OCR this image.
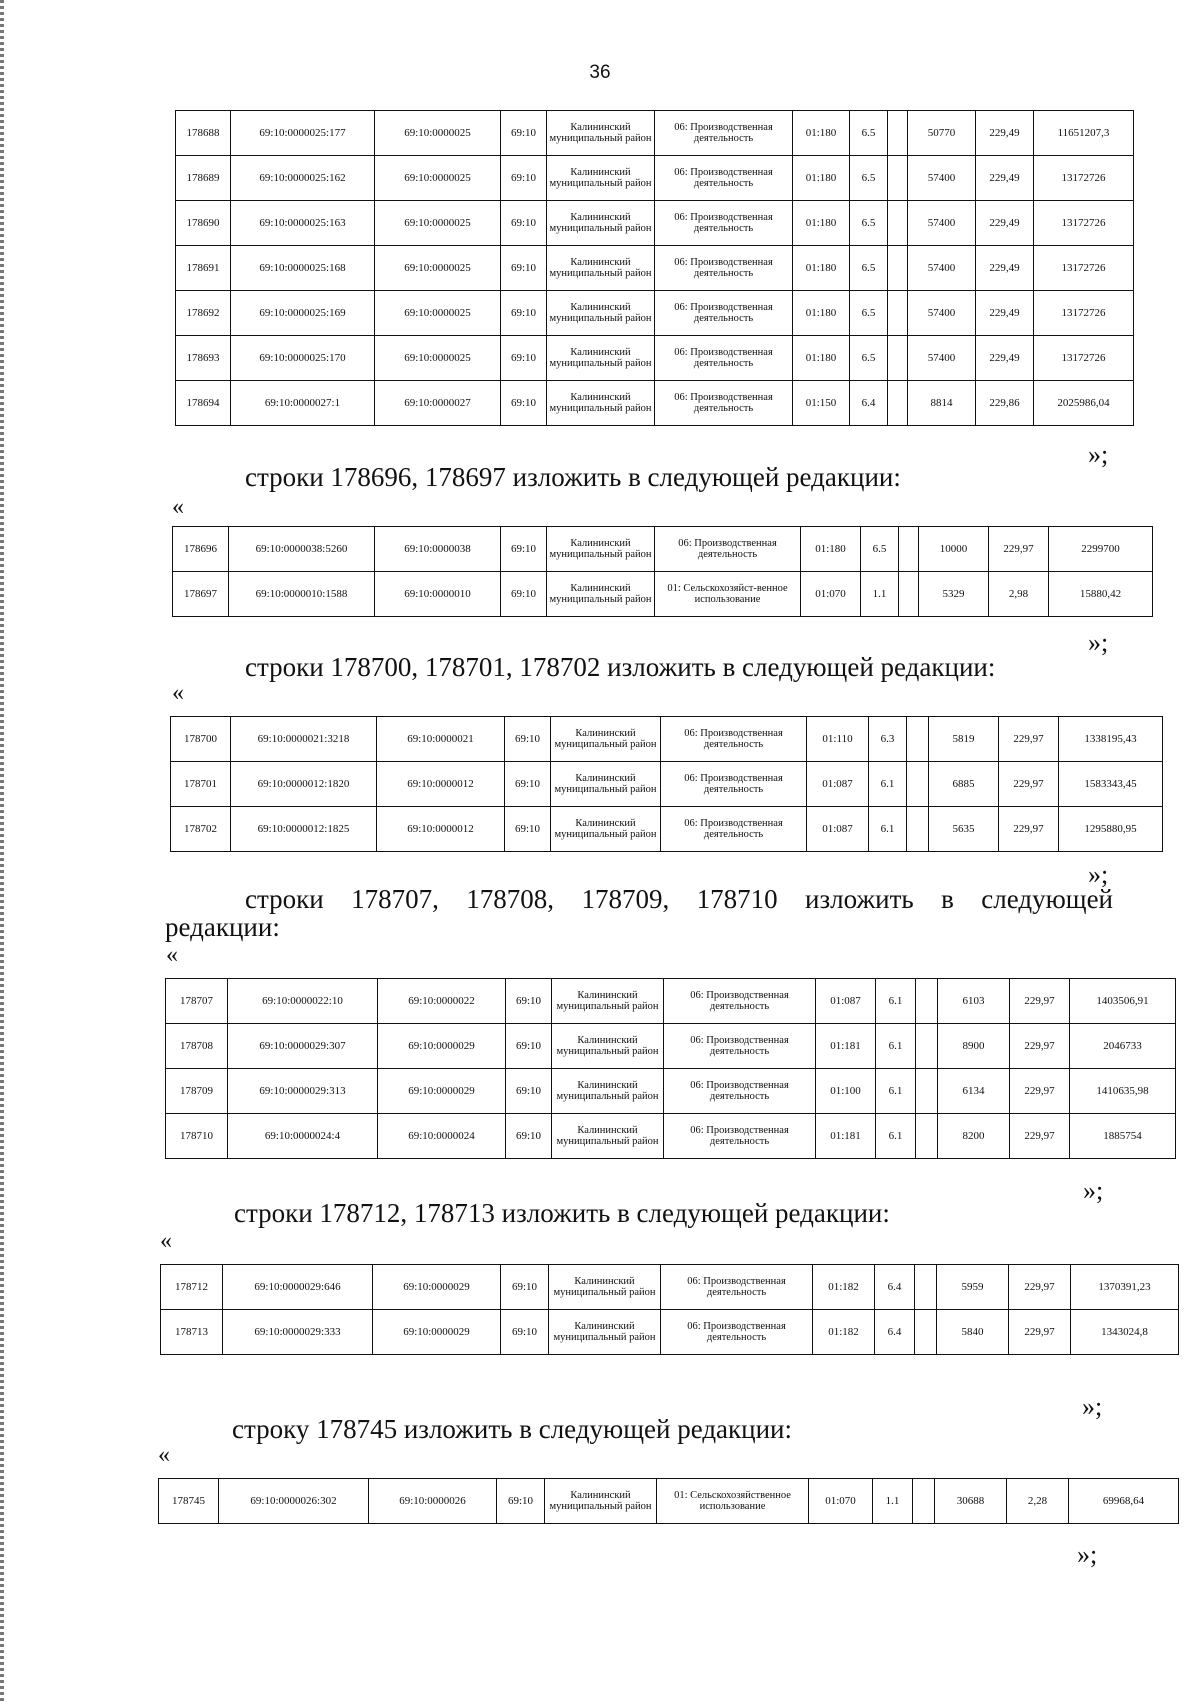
36
178688	69:10:0000025:177	69:10:0000025	69:10	Калининский муниципальный район	06: Производственная деятельность	01:180	6.5		50770	229,49	11651207,3
178689	69:10:0000025:162	69:10:0000025	69:10	Калининский муниципальный район	06: Производственная деятельность	01:180	6.5		57400	229,49	13172726
178690	69:10:0000025:163	69:10:0000025	69:10	Калининский муниципальный район	06: Производственная деятельность	01:180	6.5		57400	229,49	13172726
178691	69:10:0000025:168	69:10:0000025	69:10	Калининский муниципальный район	06: Производственная деятельность	01:180	6.5		57400	229,49	13172726
178692	69:10:0000025:169	69:10:0000025	69:10	Калининский муниципальный район	06: Производственная деятельность	01:180	6.5		57400	229,49	13172726
178693	69:10:0000025:170	69:10:0000025	69:10	Калининский муниципальный район	06: Производственная деятельность	01:180	6.5		57400	229,49	13172726
178694	69:10:0000027:1	69:10:0000027	69:10	Калининский муниципальный район	06: Производственная деятельность	01:150	6.4		8814	229,86	2025986,04
»;
строки 178696, 178697 изложить в следующей редакции:
«
178696	69:10:0000038:5260	69:10:0000038	69:10	Калининский муниципальный район	06: Производственная деятельность	01:180	6.5		10000	229,97	2299700
178697	69:10:0000010:1588	69:10:0000010	69:10	Калининский муниципальный район	01: Сельскохозяйст-венное использование	01:070	1.1		5329	2,98	15880,42
»;
строки 178700, 178701, 178702 изложить в следующей редакции:
«
178700	69:10:0000021:3218	69:10:0000021	69:10	Калининский муниципальный район	06: Производственная деятельность	01:110	6.3		5819	229,97	1338195,43
178701	69:10:0000012:1820	69:10:0000012	69:10	Калининский муниципальный район	06: Производственная деятельность	01:087	6.1		6885	229,97	1583343,45
178702	69:10:0000012:1825	69:10:0000012	69:10	Калининский муниципальный район	06: Производственная деятельность	01:087	6.1		5635	229,97	1295880,95
»;
строки 178707, 178708, 178709, 178710 изложить в следующей
редакции:
«
178707	69:10:0000022:10	69:10:0000022	69:10	Калининский муниципальный район	06: Производственная деятельность	01:087	6.1		6103	229,97	1403506,91
178708	69:10:0000029:307	69:10:0000029	69:10	Калининский муниципальный район	06: Производственная деятельность	01:181	6.1		8900	229,97	2046733
178709	69:10:0000029:313	69:10:0000029	69:10	Калининский муниципальный район	06: Производственная деятельность	01:100	6.1		6134	229,97	1410635,98
178710	69:10:0000024:4	69:10:0000024	69:10	Калининский муниципальный район	06: Производственная деятельность	01:181	6.1		8200	229,97	1885754
»;
строки 178712, 178713 изложить в следующей редакции:
«
178712	69:10:0000029:646	69:10:0000029	69:10	Калининский муниципальный район	06: Производственная деятельность	01:182	6.4		5959	229,97	1370391,23
178713	69:10:0000029:333	69:10:0000029	69:10	Калининский муниципальный район	06: Производственная деятельность	01:182	6.4		5840	229,97	1343024,8
»;
строку 178745 изложить в следующей редакции:
«
178745	69:10:0000026:302	69:10:0000026	69:10	Калининский муниципальный район	01: Сельскохозяйственное использование	01:070	1.1		30688	2,28	69968,64
»;
